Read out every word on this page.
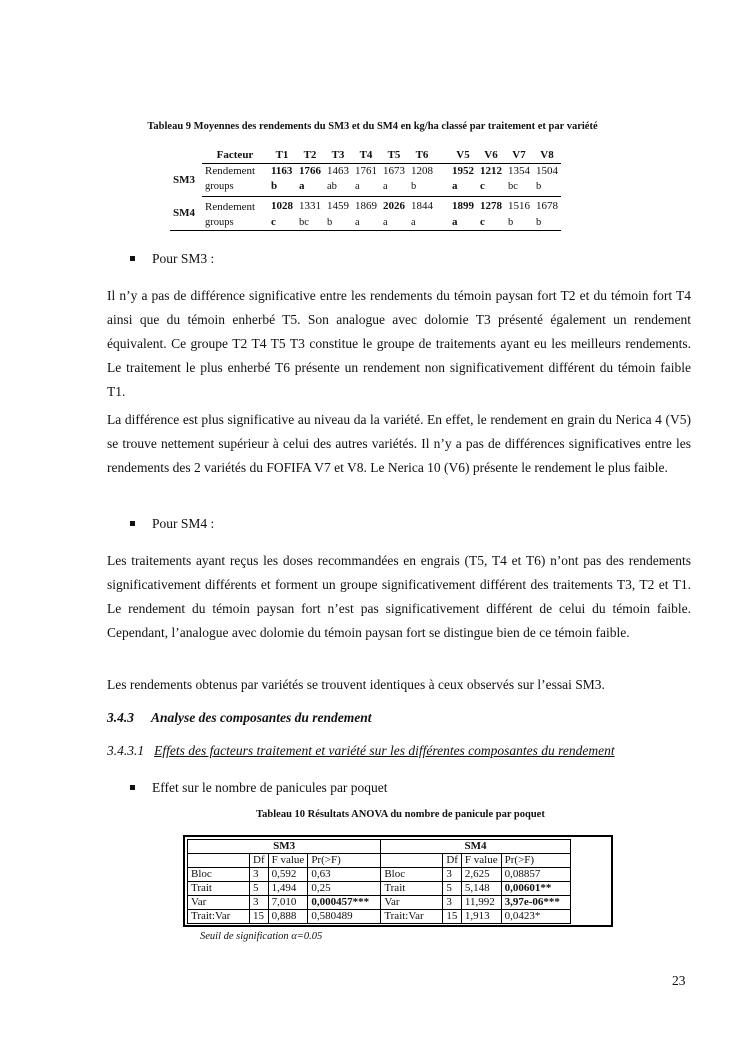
Tableau 9 Moyennes des rendements du SM3 et du SM4 en kg/ha classé par traitement et par variété
	Facteur	T1	T2	T3	T4	T5	T6	V5	V6	V7	V8
SM3	Rendement	1163	1766	1463	1761	1673	1208	1952	1212	1354	1504
	groups	b	a	ab	a	a	b	a	c	bc	b
SM4	Rendement	1028	1331	1459	1869	2026	1844	1899	1278	1516	1678
	groups	c	bc	b	a	a	a	a	c	b	b
Pour SM3 :

Il n’y a pas de différence significative entre les rendements du témoin paysan fort T2 et du témoin fort T4 ainsi que du témoin enherbé T5. Son analogue avec dolomie T3 présenté également un rendement équivalent. Ce groupe T2 T4 T5 T3 constitue le groupe de traitements ayant eu les meilleurs rendements. Le traitement le plus enherbé T6 présente un rendement non significativement différent du témoin faible T1.

La différence est plus significative au niveau da la variété. En effet, le rendement en grain du Nerica 4 (V5) se trouve nettement supérieur à celui des autres variétés. Il n’y a pas de différences significatives entre les rendements des 2 variétés du FOFIFA V7 et V8. Le Nerica 10 (V6) présente le rendement le plus faible.

Pour SM4 :

Les traitements ayant reçus les doses recommandées en engrais (T5, T4 et T6) n’ont pas des rendements significativement différents et forment un groupe significativement différent des traitements T3, T2 et T1. Le rendement du témoin paysan fort n’est pas significativement différent de celui du témoin faible. Cependant, l’analogue avec dolomie du témoin paysan fort se distingue bien de ce témoin faible.

Les rendements obtenus par variétés se trouvent identiques à ceux observés sur l’essai SM3.

3.4.3 Analyse des composantes du rendement
3.4.3.1 Effets des facteurs traitement et variété sur les différentes composantes du rendement
Effet sur le nombre de panicules par poquet
Tableau 10 Résultats ANOVA du nombre de panicule par poquet
SM3				SM4			
	Df	F value	Pr(>F)		Df	F value	Pr(>F)
Bloc	3	0,592	0,63	Bloc	3	2,625	0,08857
Trait	5	1,494	0,25	Trait	5	5,148	0,00601**
Var	3	7,010	0,000457***	Var	3	11,992	3,97e-06***
Trait:Var	15	0,888	0,580489	Trait:Var	15	1,913	0,0423*
Seuil de signification α=0.05
23
